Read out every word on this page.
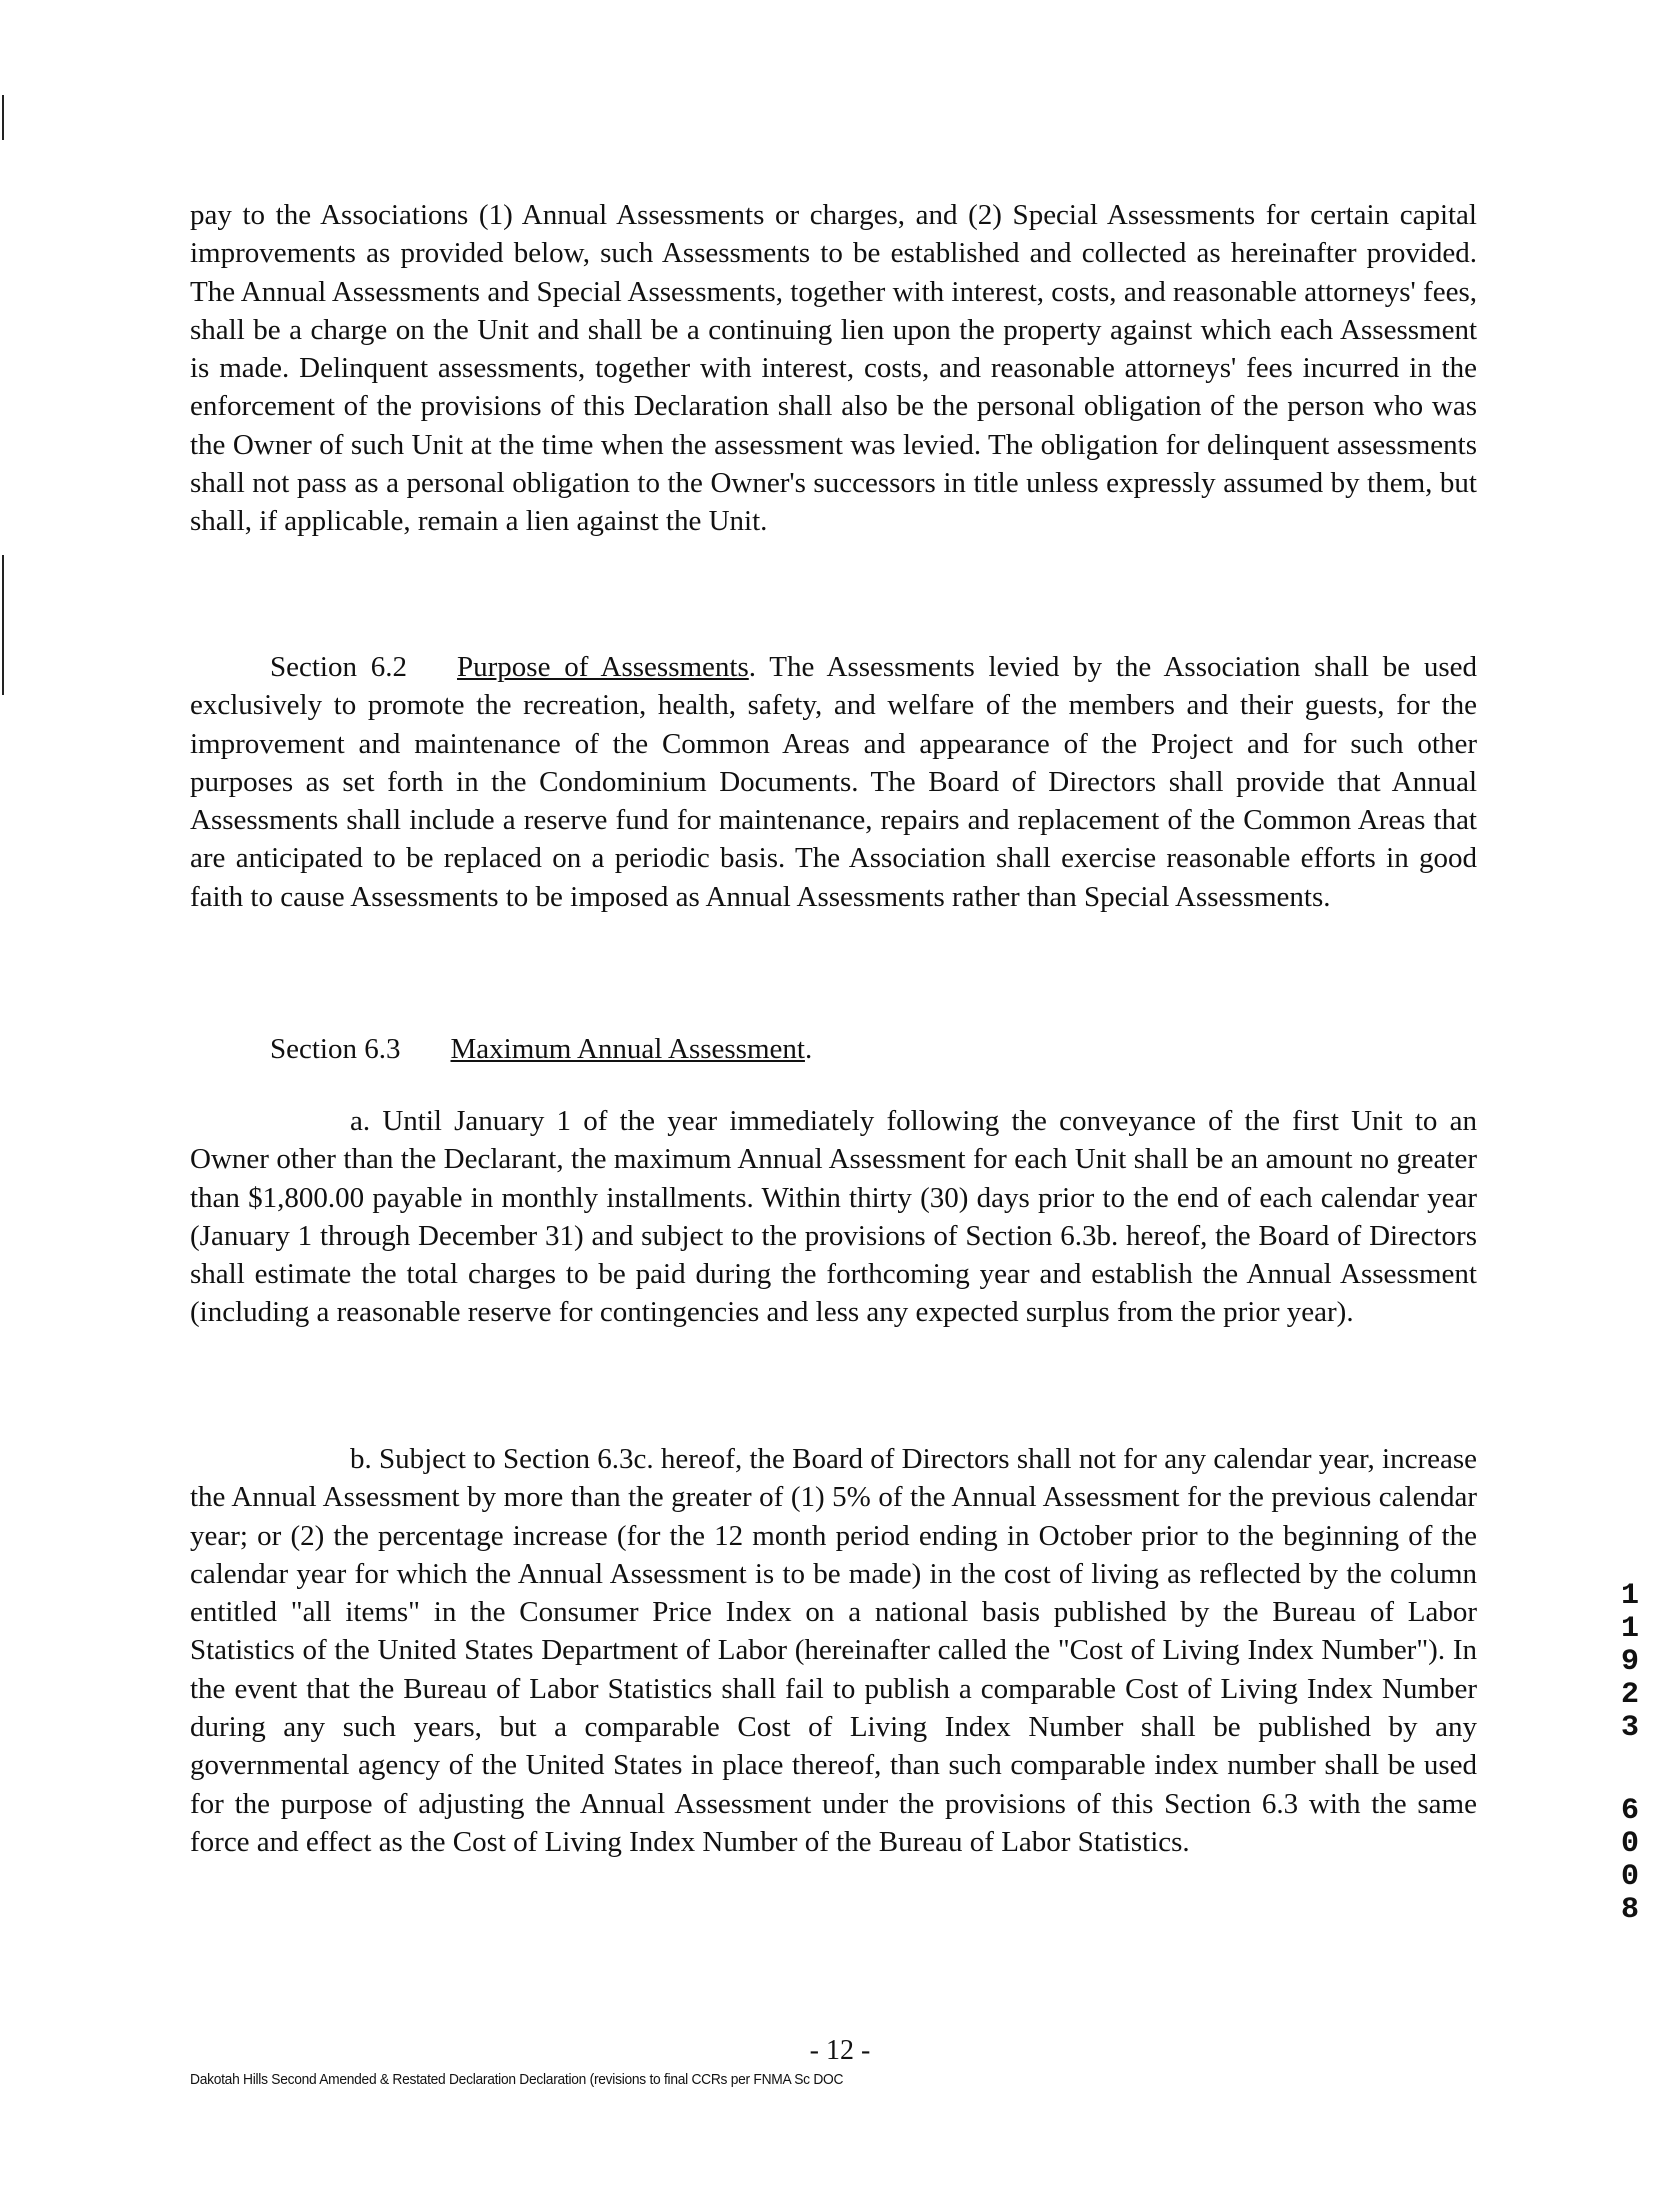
pay to the Associations (1) Annual Assessments or charges, and (2) Special Assessments for certain capital improvements as provided below, such Assessments to be established and collected as hereinafter provided. The Annual Assessments and Special Assessments, together with interest, costs, and reasonable attorneys' fees, shall be a charge on the Unit and shall be a continuing lien upon the property against which each Assessment is made. Delinquent assessments, together with interest, costs, and reasonable attorneys' fees incurred in the enforcement of the provisions of this Declaration shall also be the personal obligation of the person who was the Owner of such Unit at the time when the assessment was levied. The obligation for delinquent assessments shall not pass as a personal obligation to the Owner's successors in title unless expressly assumed by them, but shall, if applicable, remain a lien against the Unit.

Section 6.2 Purpose of Assessments. The Assessments levied by the Association shall be used exclusively to promote the recreation, health, safety, and welfare of the members and their guests, for the improvement and maintenance of the Common Areas and appearance of the Project and for such other purposes as set forth in the Condominium Documents. The Board of Directors shall provide that Annual Assessments shall include a reserve fund for maintenance, repairs and replacement of the Common Areas that are anticipated to be replaced on a periodic basis. The Association shall exercise reasonable efforts in good faith to cause Assessments to be imposed as Annual Assessments rather than Special Assessments.

Section 6.3 Maximum Annual Assessment.

a. Until January 1 of the year immediately following the conveyance of the first Unit to an Owner other than the Declarant, the maximum Annual Assessment for each Unit shall be an amount no greater than $1,800.00 payable in monthly installments. Within thirty (30) days prior to the end of each calendar year (January 1 through December 31) and subject to the provisions of Section 6.3b. hereof, the Board of Directors shall estimate the total charges to be paid during the forthcoming year and establish the Annual Assessment (including a reasonable reserve for contingencies and less any expected surplus from the prior year).

b. Subject to Section 6.3c. hereof, the Board of Directors shall not for any calendar year, increase the Annual Assessment by more than the greater of (1) 5% of the Annual Assessment for the previous calendar year; or (2) the percentage increase (for the 12 month period ending in October prior to the beginning of the calendar year for which the Annual Assessment is to be made) in the cost of living as reflected by the column entitled "all items" in the Consumer Price Index on a national basis published by the Bureau of Labor Statistics of the United States Department of Labor (hereinafter called the "Cost of Living Index Number"). In the event that the Bureau of Labor Statistics shall fail to publish a comparable Cost of Living Index Number during any such years, but a comparable Cost of Living Index Number shall be published by any governmental agency of the United States in place thereof, than such comparable index number shall be used for the purpose of adjusting the Annual Assessment under the provisions of this Section 6.3 with the same force and effect as the Cost of Living Index Number of the Bureau of Labor Statistics.

- 12 -
Dakotah Hills Second Amended & Restated Declaration Declaration (revisions to final CCRs per FNMA Sc DOC
1
1
9
2
3
6
0
0
8
